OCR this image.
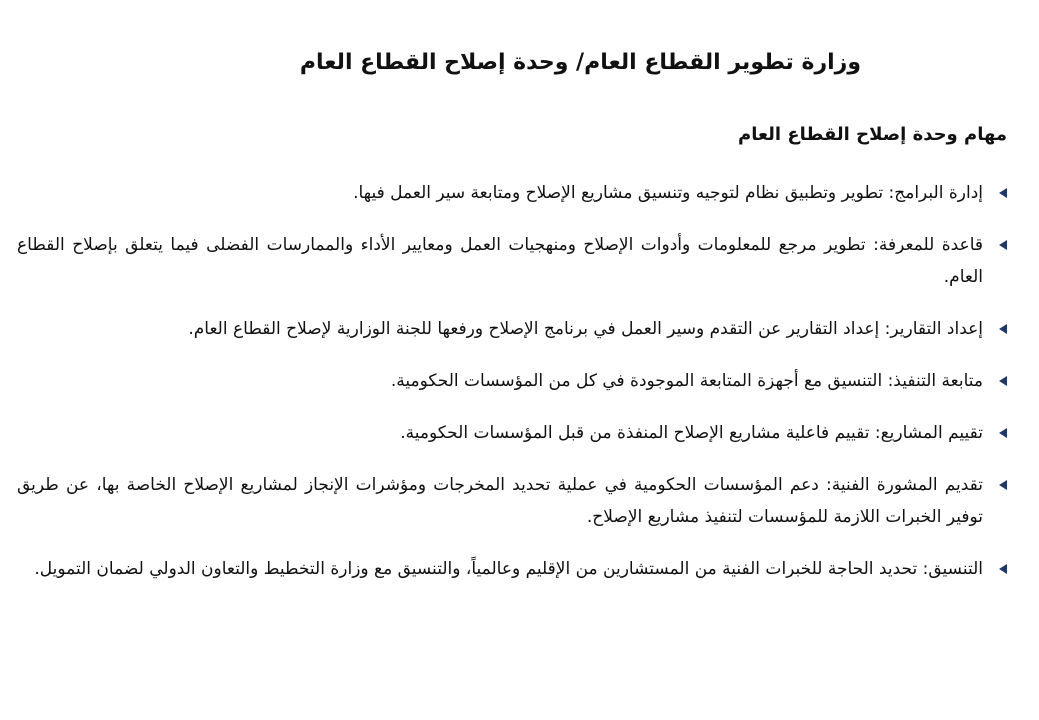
وزارة تطوير القطاع العام/ وحدة إصلاح القطاع العام
مهام وحدة إصلاح القطاع العام

إدارة البرامج: تطوير وتطبيق نظام لتوجيه وتنسيق مشاريع الإصلاح ومتابعة سير العمل فيها.

قاعدة للمعرفة: تطوير مرجع للمعلومات وأدوات الإصلاح ومنهجيات العمل ومعايير الأداء والممارسات الفضلى فيما يتعلق بإصلاح القطاع العام.

إعداد التقارير: إعداد التقارير عن التقدم وسير العمل في برنامج الإصلاح ورفعها للجنة الوزارية لإصلاح القطاع العام.

متابعة التنفيذ: التنسيق مع أجهزة المتابعة الموجودة في كل من المؤسسات الحكومية.

تقييم المشاريع: تقييم فاعلية مشاريع الإصلاح المنفذة من قبل المؤسسات الحكومية.

تقديم المشورة الفنية: دعم المؤسسات الحكومية في عملية تحديد المخرجات ومؤشرات الإنجاز لمشاريع الإصلاح الخاصة بها، عن طريق توفير الخبرات اللازمة للمؤسسات لتنفيذ مشاريع الإصلاح.

التنسيق: تحديد الحاجة للخبرات الفنية من المستشارين من الإقليم وعالمياً، والتنسيق مع وزارة التخطيط والتعاون الدولي لضمان التمويل.
